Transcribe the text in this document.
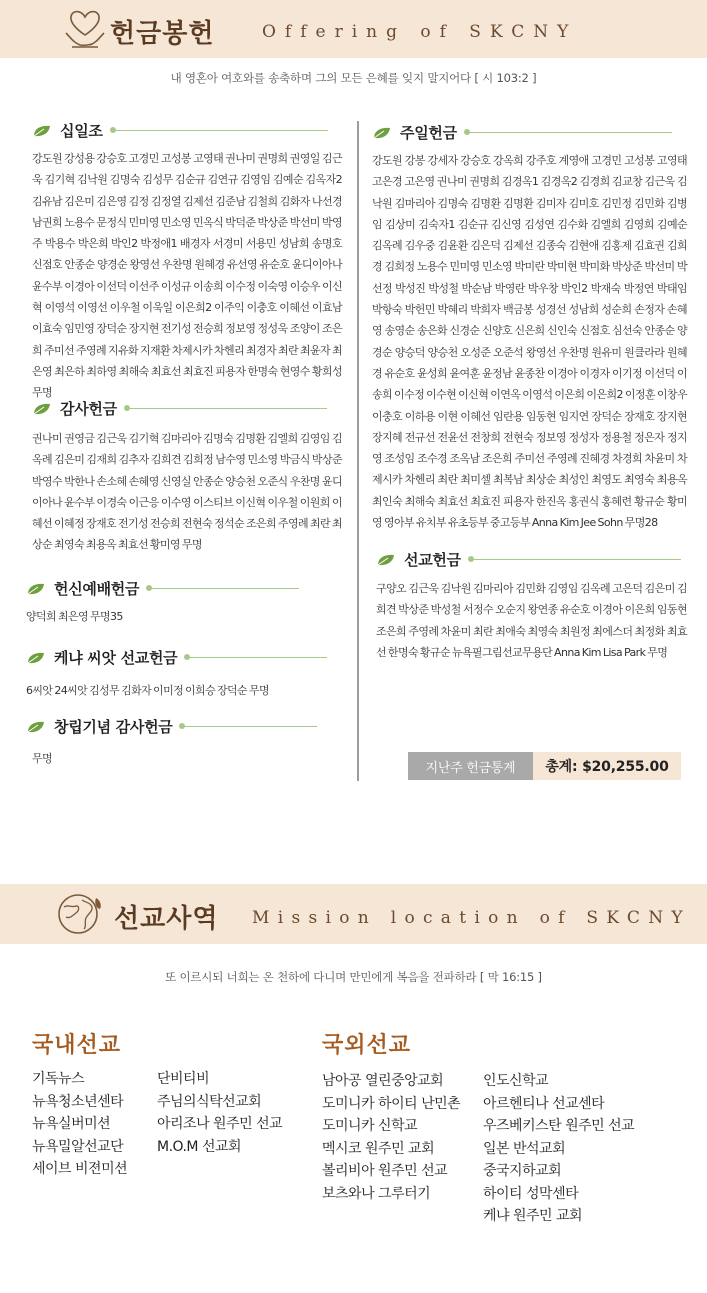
헌금봉헌	Offering of SKCNY
내 영혼아 여호와를 송축하며 그의 모든 은혜를 잊지 말지어다 [ 시 103:2 ]
십일조
강도원 강성용 강승호 고경민 고성봉 고영태 권나미 권명희 권영일 김근욱 김기혁 김낙원 김명숙 김성무 김순규 김연규 김영임 김예순 김옥자2 김유남 김은미 김은영 김정 김정열 김제선 김준남 김철희 김화자 나선경 남권희 노용수 문정식 민미영 민소영 민옥식 박덕준 박상준 박선미 박영주 박용수 박은희 박인2 박정애1 배경자 서경미 서용민 성남희 송명호 신점호 안종순 양경순 왕영선 우찬명 원혜경 유선영 유순호 윤디이아나 윤수부 이경아 이선덕 이선주 이성규 이송희 이수정 이숙영 이승우 이신혁 이영석 이영선 이우철 이욱일 이은희2 이주익 이충호 이혜선 이효남 이효숙 임민영 장덕순 장지현 전기성 전승희 정보영 정성욱 조양이 조은희 주미선 주영례 지유화 지재환 차제시카 차헨리 최경자 최란 최윤자 최은영 최은하 최하영 최해숙 최효선 최효진 피용자 한명숙 현영수 황희성 무명
감사헌금
권나미 권영금 김근욱 김기혁 김마리아 김명숙 김명환 김엘희 김영임 김옥례 김은미 김재희 김추자 김희견 김희정 남수영 민소영 박금식 박상준 박영수 박한나 손소혜 손혜영 신영실 안종순 양승천 오준식 우찬명 윤디이아나 윤수부 이경숙 이근응 이수영 이스티브 이신혁 이우철 이원희 이혜선 이혜정 장재호 전기성 전승희 전현숙 정석순 조은희 주영례 최란 최상순 최영숙 최용옥 최효선 황미영 무명
헌신예배헌금
양덕희 최은영 무명35
케냐 씨앗 선교헌금
6씨앗 24씨앗 김성무 김화자 이미정 이희승 장덕순 무명
창립기념 감사헌금
무명
주일헌금
강도원 강봉 강세자 강승호 강옥희 강주호 계영애 고경민 고성봉 고영태 고은경 고은영 권나미 권명희 김경옥1 김경옥2 김경희 김교창 김근욱 김낙원 김마리아 김명숙 김명환 김명환 김미자 김미호 김민정 김민화 김병임 김상미 김숙자1 김순규 김신영 김성연 김수화 김엘희 김영희 김예순 김옥례 김우중 김윤환 김은덕 김제선 김종숙 김현애 김홍제 김효권 김희경 김희정 노용수 민미영 민소영 박미란 박미현 박미화 박상준 박선미 박선정 박성진 박성철 박순남 박영란 박우창 박인2 박재숙 박정연 박태임 박항숙 박헌민 박혜리 박희자 백금봉 성경선 성남희 성순희 손정자 손혜영 송영순 송은화 신경순 신양호 신은희 신인숙 신점호 심선숙 안종순 양경순 양승덕 양승천 오성준 오준석 왕영선 우찬명 원유미 원클라라 원혜경 유순호 윤성희 윤여훈 윤정남 윤종찬 이경아 이경자 이기정 이선덕 이송희 이수정 이수현 이신혁 이연옥 이영석 이은희 이은희2 이정훈 이창우 이충호 이하용 이현 이혜선 임란용 임동현 임지연 장덕순 장재호 장지현 장지혜 전규선 전윤선 전창희 전현숙 정보영 정성자 정용철 정은자 정지영 조성임 조수경 조옥남 조은희 주미선 주영례 진혜경 차경희 차윤미 차제시카 차헨리 최란 최미셸 최복남 최상순 최성인 최영도 최영숙 최용옥 최인숙 최해숙 최효선 최효진 피용자 한진옥 홍권식 홍혜련 황규순 황미영 영아부 유치부 유초등부 중고등부 Anna Kim Jee Sohn 무명28
선교헌금
구양오 김근욱 김낙원 김마리아 김민화 김영임 김옥례 고은덕 김은미 김희견 박상준 박성철 서정수 오순지 왕연종 유순호 이경아 이은희 임동현 조은희 주영례 차윤미 최란 최애숙 최영숙 최원정 최에스더 최정화 최효선 한명숙 황규순 뉴욕필그림선교무용단 Anna Kim Lisa Park 무명
지난주 헌금통계	총계: $20,255.00
선교사역 Mission location of SKCNY
또 이르시되 너희는 온 천하에 다니며 만민에게 복음을 전파하라 [ 막 16:15 ]
국내선교
기독뉴스
뉴욕청소년센타
뉴욕실버미션
뉴욕밀알선교단
세이브 비젼미션
단비티비
주님의식탁선교회
아리조나 원주민 선교
M.O.M 선교회
국외선교
남아공 열린중앙교회
도미니카 하이티 난민촌
도미니카 신학교
멕시코 원주민 교회
볼리비아 원주민 선교
보츠와나 그루터기
인도신학교
아르헨티나 선교센타
우즈베키스탄 원주민 선교
일본 반석교회
중국지하교회
하이티 성막센타
케냐 원주민 교회
